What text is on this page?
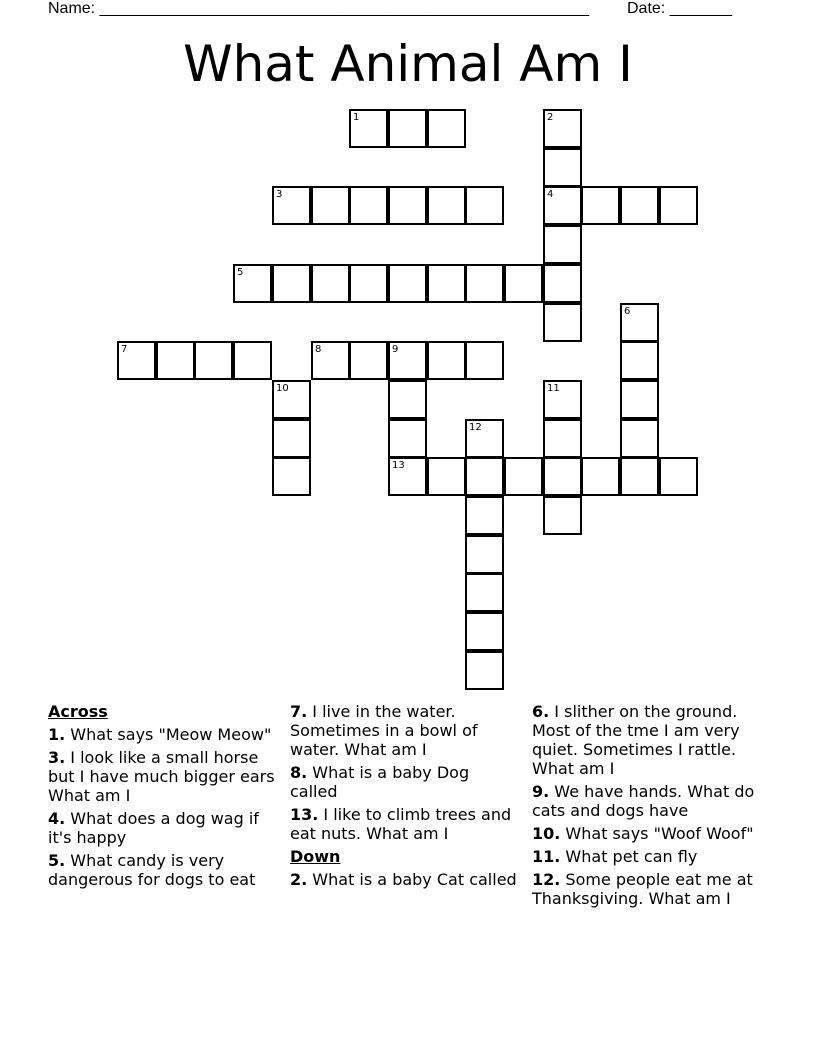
Name: _______________________________________________________ Date: _______
What Animal Am I
1	2
4
3
5
6
7	8	9
13
10	11
12
Across
1. What says "Meow Meow"
3. I look like a small horse but I have much bigger ears What am I
4. What does a dog wag if it's happy
5. What candy is very dangerous for dogs to eat
7. I live in the water. Sometimes in a bowl of water. What am I
8. What is a baby Dog called
13. I like to climb trees and eat nuts. What am I
Down
2. What is a baby Cat called
6. I slither on the ground. Most of the tme I am very quiet. Sometimes I rattle. What am I
9. We have hands. What do cats and dogs have
10. What says "Woof Woof"
11. What pet can fly
12. Some people eat me at Thanksgiving. What am I
